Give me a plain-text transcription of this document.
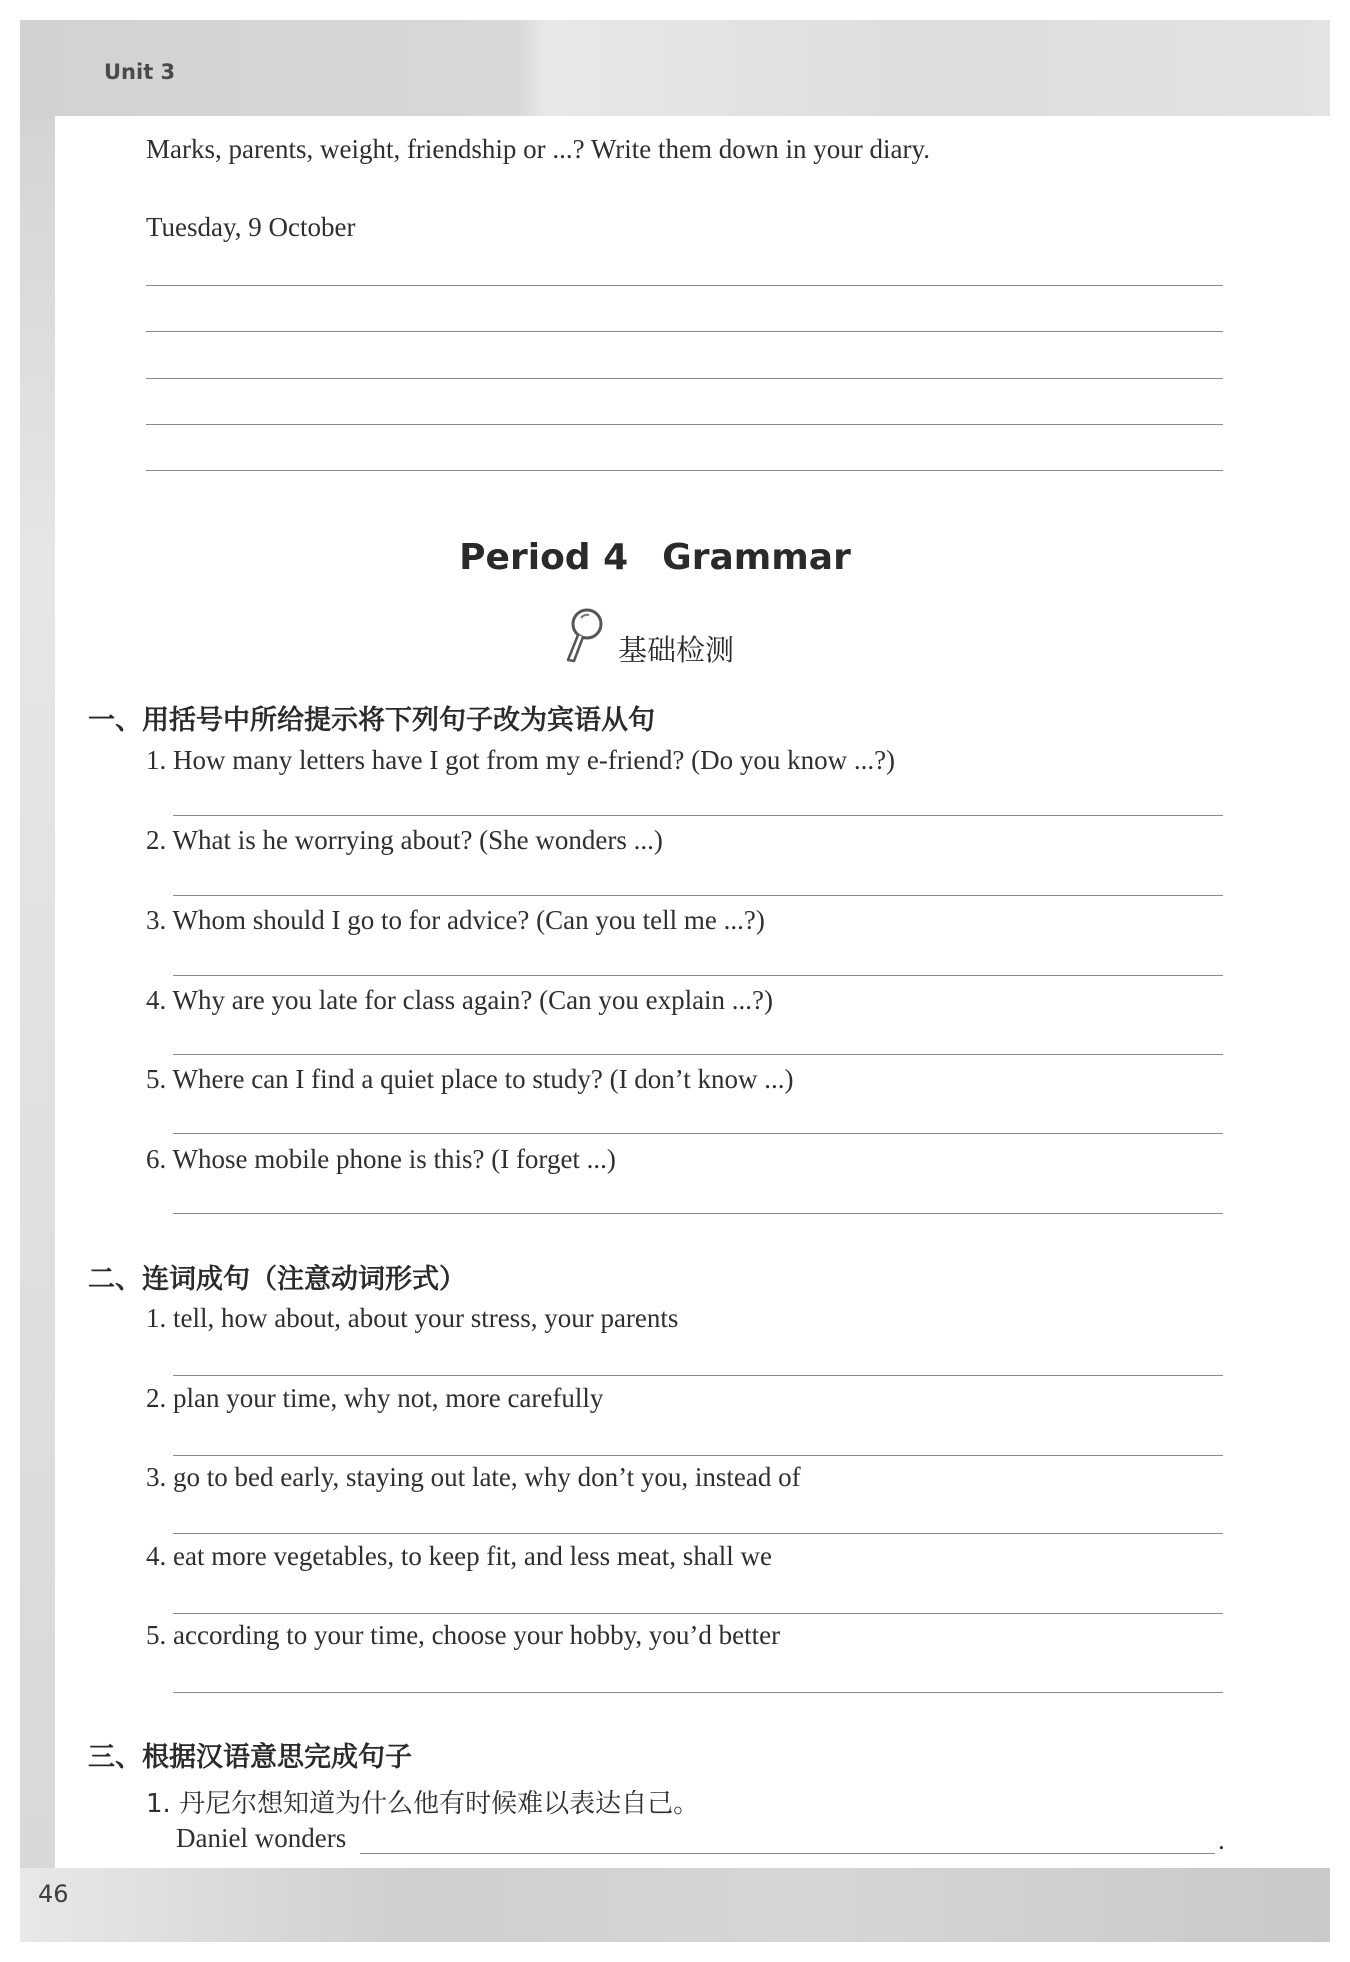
Unit 3
Marks, parents, weight, friendship or ...? Write them down in your diary.
Tuesday, 9 October
Period 4 Grammar
基础检测
一、用括号中所给提示将下列句子改为宾语从句
1. How many letters have I got from my e-friend? (Do you know ...?)
2. What is he worrying about? (She wonders ...)
3. Whom should I go to for advice? (Can you tell me ...?)
4. Why are you late for class again? (Can you explain ...?)
5. Where can I find a quiet place to study? (I don’t know ...)
6. Whose mobile phone is this? (I forget ...)
二、连词成句（注意动词形式）
1. tell, how about, about your stress, your parents
2. plan your time, why not, more carefully
3. go to bed early, staying out late, why don’t you, instead of
4. eat more vegetables, to keep fit, and less meat, shall we
5. according to your time, choose your hobby, you’d better
三、根据汉语意思完成句子
1. 丹尼尔想知道为什么他有时候难以表达自己。
Daniel wonders	.
46
